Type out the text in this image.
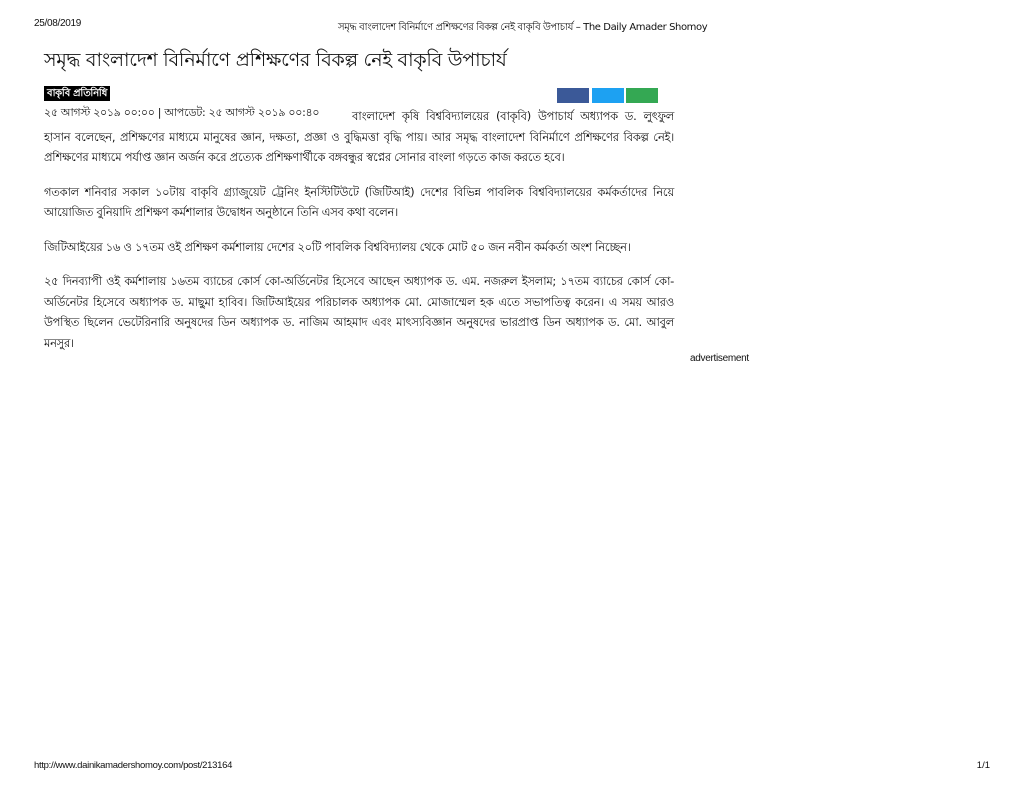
25/08/2019	সমৃদ্ধ বাংলাদেশ বিনির্মাণে প্রশিক্ষণের বিকল্প নেই বাকৃবি উপাচার্য – The Daily Amader Shomoy
সমৃদ্ধ বাংলাদেশ বিনির্মাণে প্রশিক্ষণের বিকল্প নেই বাকৃবি উপাচার্য
বাকৃবি প্রতিনিধি
২৫ আগস্ট ২০১৯ ০০:০০ | আপডেট: ২৫ আগস্ট ২০১৯ ০০:৪০	বাংলাদেশ কৃষি বিশ্ববিদ্যালয়ের (বাকৃবি) উপাচার্য অধ্যাপক ড. লুৎফুল হাসান বলেছেন, প্রশিক্ষণের মাধ্যমে মানুষের জ্ঞান, দক্ষতা, প্রজ্ঞা ও বুদ্ধিমত্তা বৃদ্ধি পায়। আর সমৃদ্ধ বাংলাদেশ বিনির্মাণে প্রশিক্ষণের বিকল্প নেই। প্রশিক্ষণের মাধ্যমে পর্যাপ্ত জ্ঞান অর্জন করে প্রত্যেক প্রশিক্ষণার্থীকে বঙ্গবন্ধুর স্বপ্নের সোনার বাংলা গড়তে কাজ করতে হবে।

গতকাল শনিবার সকাল ১০টায় বাকৃবি গ্র্যাজুয়েট ট্রেনিং ইনস্টিটিউটে (জিটিআই) দেশের বিভিন্ন পাবলিক বিশ্ববিদ্যালয়ের কর্মকর্তাদের নিয়ে আয়োজিত বুনিয়াদি প্রশিক্ষণ কর্মশালার উদ্বোধন অনুষ্ঠানে তিনি এসব কথা বলেন।

জিটিআইয়ের ১৬ ও ১৭তম ওই প্রশিক্ষণ কর্মশালায় দেশের ২০টি পাবলিক বিশ্ববিদ্যালয় থেকে মোট ৫০ জন নবীন কর্মকর্তা অংশ নিচ্ছেন।

২৫ দিনব্যাপী ওই কর্মশালায় ১৬তম ব্যাচের কোর্স কো-অর্ডিনেটর হিসেবে আছেন অধ্যাপক ড. এম. নজরুল ইসলাম; ১৭তম ব্যাচের কোর্স কো-অর্ডিনেটর হিসেবে অধ্যাপক ড. মাছুমা হাবিব। জিটিআইয়ের পরিচালক অধ্যাপক মো. মোজাম্মেল হক এতে সভাপতিত্ব করেন। এ সময় আরও উপস্থিত ছিলেন ভেটেরিনারি অনুষদের ডিন অধ্যাপক ড. নাজিম আহমাদ এবং মাৎস্যবিজ্ঞান অনুষদের ভারপ্রাপ্ত ডিন অধ্যাপক ড. মো. আবুল মনসুর।

advertisement
http://www.dainikamadershomoy.com/post/213164	1/1
